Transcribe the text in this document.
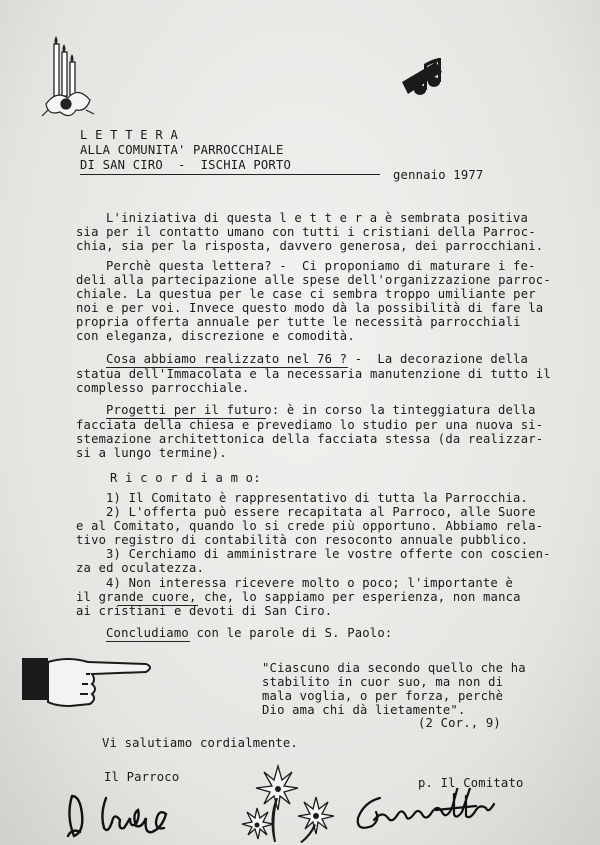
L E T T E R A
ALLA COMUNITA' PARROCCHIALE
DI SAN CIRO  -  ISCHIA PORTO
gennaio 1977
L'iniziativa di questa l e t t e r a è sembrata positiva
sia per il contatto umano con tutti i cristiani della Parroc-
chia, sia per la risposta, davvero generosa, dei parrocchiani.
Perchè questa lettera? -  Ci proponiamo di maturare i fe-
deli alla partecipazione alle spese dell'organizzazione parroc-
chiale. La questua per le case ci sembra troppo umiliante per
noi e per voi. Invece questo modo dà la possibilità di fare la
propria offerta annuale per tutte le necessità parrocchiali
con eleganza, discrezione e comodità.
Cosa abbiamo realizzato nel 76 ? -  La decorazione della
statua dell'Immacolata e la necessaria manutenzione di tutto il
complesso parrocchiale.
Progetti per il futuro: è in corso la tinteggiatura della
facciata della chiesa e prevediamo lo studio per una nuova si-
stemazione architettonica della facciata stessa (da realizzar-
si a lungo termine).
R i c o r d i a m o:
1) Il Comitato è rappresentativo di tutta la Parrocchia.
2) L'offerta può essere recapitata al Parroco, alle Suore
e al Comitato, quando lo si crede più opportuno. Abbiamo rela-
tivo registro di contabilità con resoconto annuale pubblico.
3) Cerchiamo di amministrare le vostre offerte con coscien-
za ed oculatezza.
4) Non interessa ricevere molto o poco; l'importante è
il grande cuore, che, lo sappiamo per esperienza, non manca
ai cristiani e devoti di San Ciro.
Concludiamo con le parole di S. Paolo:
"Ciascuno dia secondo quello che ha
stabilito in cuor suo, ma non di
mala voglia, o per forza, perchè
Dio ama chi dà lietamente".
(2 Cor., 9)
Vi salutiamo cordialmente.
Il Parroco	p. Il Comitato
